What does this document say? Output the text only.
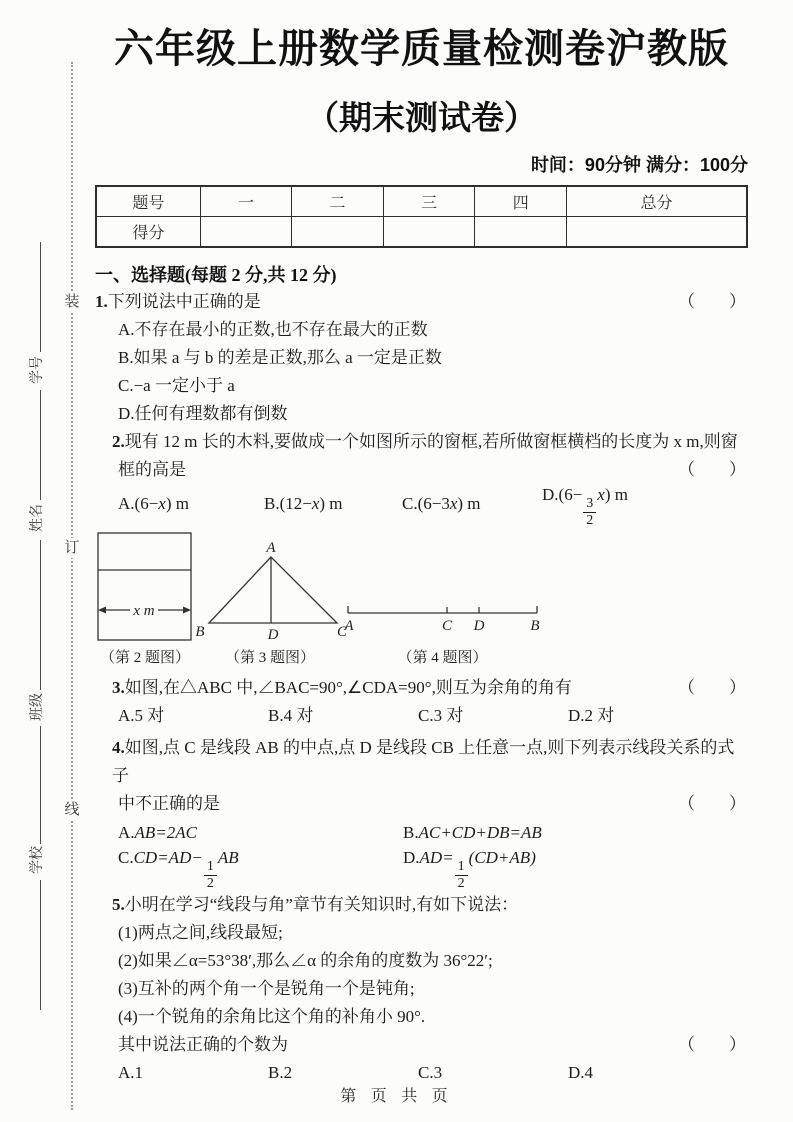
装
订
线
学号
姓名
班级
学校
六年级上册数学质量检测卷沪教版
（期末测试卷）
时间：90分钟 满分：100分
题号	一	二	三	四	总分
得分					
一、选择题(每题 2 分,共 12 分)
1.下列说法中正确的是	（　　）
A.不存在最小的正数,也不存在最大的正数
B.如果 a 与 b 的差是正数,那么 a 一定是正数
C.−a 一定小于 a
D.任何有理数都有倒数
2.现有 12 m 长的木料,要做成一个如图所示的窗框,若所做窗框横档的长度为 x m,则窗
框的高是	（　　）
A.(6−x) m	B.(12−x) m	C.(6−3x) m	D.(6−
$\frac{3}{2}$
x) m
x m
（第 2 题图）
A
B	D	C
（第 3 题图）
A	C D	B
（第 4 题图）
3.如图,在△ABC 中,∠BAC=90°,∠CDA=90°,则互为余角的角有	（　　）
A.5 对	B.4 对	C.3 对	D.2 对
4.如图,点 C 是线段 AB 的中点,点 D 是线段 CB 上任意一点,则下列表示线段关系的式子
中不正确的是	（　　）
A.AB=2AC	B.AC+CD+DB=AB
C.CD=AD−
$\frac{1}{2}$
AB	D.AD=
$\frac{1}{2}$
(CD+AB)
5.小明在学习“线段与角”章节有关知识时,有如下说法：
(1)两点之间,线段最短;
(2)如果∠α=53°38′,那么∠α 的余角的度数为 36°22′;
(3)互补的两个角一个是锐角一个是钝角;
(4)一个锐角的余角比这个角的补角小 90°.
其中说法正确的个数为	（　　）
A.1	B.2	C.3	D.4
第 页 共 页
